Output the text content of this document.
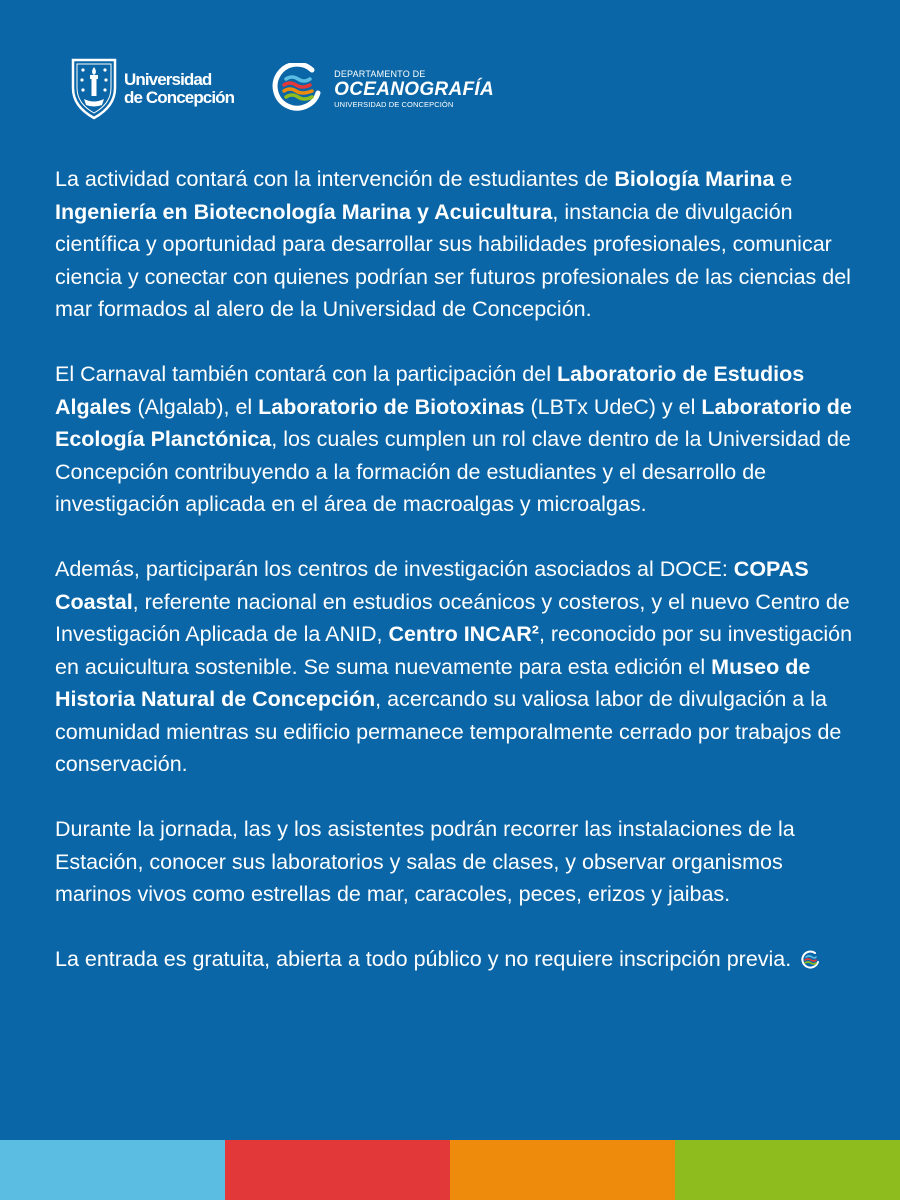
Universidad
de Concepción
DEPARTAMENTO DE
OCEANOGRAFÍA
UNIVERSIDAD DE CONCEPCIÓN

La actividad contará con la intervención de estudiantes de Biología Marina e Ingeniería en Biotecnología Marina y Acuicultura, instancia de divulgación científica y oportunidad para desarrollar sus habilidades profesionales, comunicar ciencia y conectar con quienes podrían ser futuros profesionales de las ciencias del mar formados al alero de la Universidad de Concepción.

El Carnaval también contará con la participación del Laboratorio de Estudios Algales (Algalab), el Laboratorio de Biotoxinas (LBTx UdeC) y el Laboratorio de Ecología Planctónica, los cuales cumplen un rol clave dentro de la Universidad de Concepción contribuyendo a la formación de estudiantes y el desarrollo de investigación aplicada en el área de macroalgas y microalgas.

Además, participarán los centros de investigación asociados al DOCE: COPAS Coastal, referente nacional en estudios oceánicos y costeros, y el nuevo Centro de Investigación Aplicada de la ANID, Centro INCAR², reconocido por su investigación en acuicultura sostenible. Se suma nuevamente para esta edición el Museo de Historia Natural de Concepción, acercando su valiosa labor de divulgación a la comunidad mientras su edificio permanece temporalmente cerrado por trabajos de conservación.

Durante la jornada, las y los asistentes podrán recorrer las instalaciones de la Estación, conocer sus laboratorios y salas de clases, y observar organismos marinos vivos como estrellas de mar, caracoles, peces, erizos y jaibas.

La entrada es gratuita, abierta a todo público y no requiere inscripción previa.
